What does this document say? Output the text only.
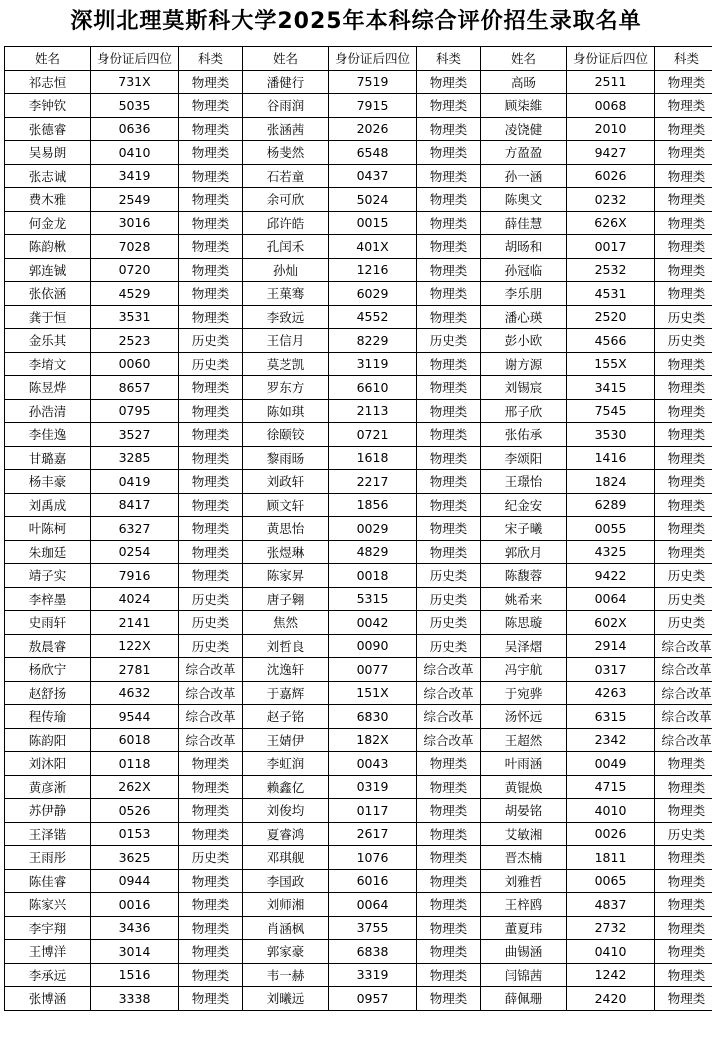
深圳北理莫斯科大学2025年本科综合评价招生录取名单
姓名	身份证后四位	科类	姓名	身份证后四位	科类	姓名	身份证后四位	科类
祁志恒	731X	物理类	潘健行	7519	物理类	高旸	2511	物理类
李钟钦	5035	物理类	谷雨润	7915	物理类	顾柒維	0068	物理类
张德睿	0636	物理类	张涵茜	2026	物理类	凌饶健	2010	物理类
吴易朗	0410	物理类	杨斐然	6548	物理类	方盈盈	9427	物理类
张志诚	3419	物理类	石若童	0437	物理类	孙一涵	6026	物理类
费木雅	2549	物理类	余可欣	5024	物理类	陈奥文	0232	物理类
何金龙	3016	物理类	邱许皓	0015	物理类	薛佳慧	626X	物理类
陈韵楸	7028	物理类	孔闰禾	401X	物理类	胡旸和	0017	物理类
郭连铖	0720	物理类	孙灿	1216	物理类	孙冠临	2532	物理类
张依涵	4529	物理类	王菓骞	6029	物理类	李乐朋	4531	物理类
龚于恒	3531	物理类	李致远	4552	物理类	潘心瑛	2520	历史类
金乐其	2523	历史类	王信月	8229	历史类	彭小欧	4566	历史类
李堉文	0060	历史类	莫芝凯	3119	物理类	谢方源	155X	物理类
陈昱烨	8657	物理类	罗东方	6610	物理类	刘锡宸	3415	物理类
孙浩清	0795	物理类	陈如琪	2113	物理类	邢子欣	7545	物理类
李佳逸	3527	物理类	徐颐铰	0721	物理类	张佑承	3530	物理类
甘璐嘉	3285	物理类	黎雨旸	1618	物理类	李颂阳	1416	物理类
杨丰豪	0419	物理类	刘政轩	2217	物理类	王璟怡	1824	物理类
刘禹成	8417	物理类	顾文轩	1856	物理类	纪金安	6289	物理类
叶陈柯	6327	物理类	黄思怡	0029	物理类	宋子曦	0055	物理类
朱珈廷	0254	物理类	张煜琳	4829	物理类	郭欣月	4325	物理类
靖子实	7916	物理类	陈家昇	0018	历史类	陈馥蓉	9422	历史类
李梓墨	4024	历史类	唐子翱	5315	历史类	姚希来	0064	历史类
史雨轩	2141	历史类	焦然	0042	历史类	陈思璇	602X	历史类
敖晨睿	122X	历史类	刘哲良	0090	历史类	吴泽熠	2914	综合改革
杨欣宁	2781	综合改革	沈逸轩	0077	综合改革	冯宇航	0317	综合改革
赵舒扬	4632	综合改革	于嘉辉	151X	综合改革	于宛骅	4263	综合改革
程传瑜	9544	综合改革	赵子铭	6830	综合改革	汤怀远	6315	综合改革
陈韵阳	6018	综合改革	王婧伊	182X	综合改革	王超然	2342	综合改革
刘沐阳	0118	物理类	李虹润	0043	物理类	叶雨涵	0049	物理类
黄彦淅	262X	物理类	赖鑫亿	0319	物理类	黄锟焕	4715	物理类
苏伊静	0526	物理类	刘俊均	0117	物理类	胡晏铭	4010	物理类
王泽锴	0153	物理类	夏睿鸿	2617	物理类	艾敏湘	0026	历史类
王雨彤	3625	历史类	邓琪舰	1076	物理类	晋杰楠	1811	物理类
陈佳睿	0944	物理类	李国政	6016	物理类	刘雅哲	0065	物理类
陈家兴	0016	物理类	刘师湘	0064	物理类	王梓鸥	4837	物理类
李宇翔	3436	物理类	肖涵枫	3755	物理类	董夏玮	2732	物理类
王博洋	3014	物理类	郭家豪	6838	物理类	曲锡涵	0410	物理类
李承远	1516	物理类	韦一赫	3319	物理类	闫锦茜	1242	物理类
张博涵	3338	物理类	刘曦远	0957	物理类	薛佩珊	2420	物理类
